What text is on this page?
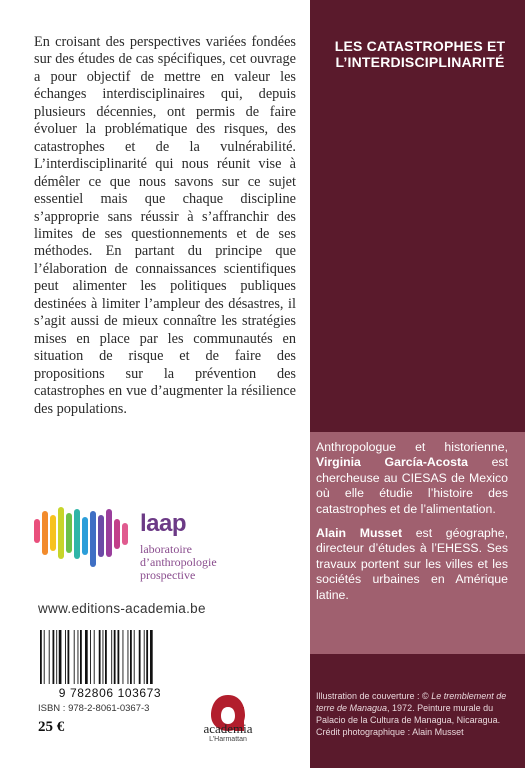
En croisant des perspectives variées fondées sur des études de cas spécifiques, cet ouvrage a pour objectif de mettre en valeur les échanges interdisciplinaires qui, depuis plusieurs décennies, ont permis de faire évoluer la problématique des risques, des catastrophes et de la vulnérabilité. L’interdisciplinarité qui nous réunit vise à démêler ce que nous savons sur ce sujet essentiel mais que chaque discipline s’approprie sans réussir à s’affranchir des limites de ses questionnements et de ses méthodes. En partant du principe que l’élaboration de connaissances scientifiques peut alimenter les politiques publiques destinées à limiter l’ampleur des désastres, il s’agit aussi de mieux connaître les stratégies mises en place par les communautés en situation de risque et de faire des propositions sur la prévention des catastrophes en vue d’augmenter la résilience des populations.
LES CATASTROPHES ET
L’INTERDISCIPLINARITÉ

Anthropologue et historienne, Virginia García-Acosta est chercheuse au CIESAS de Mexico où elle étudie l’histoire des catastrophes et de l’alimentation.

Alain Musset est géographe, directeur d’études à l’EHESS. Ses travaux portent sur les villes et les sociétés urbaines en Amérique latine.

Illustration de couverture : © Le tremblement de terre de Managua, 1972. Peinture murale du Palacio de la Cultura de Managua, Nicaragua. Crédit photographique : Alain Musset
laap
laboratoire
d’anthropologie
prospective
www.editions-academia.be
9 782806 103673
ISBN : 978-2-8061-0367-3
25 €	academia
L’Harmattan
